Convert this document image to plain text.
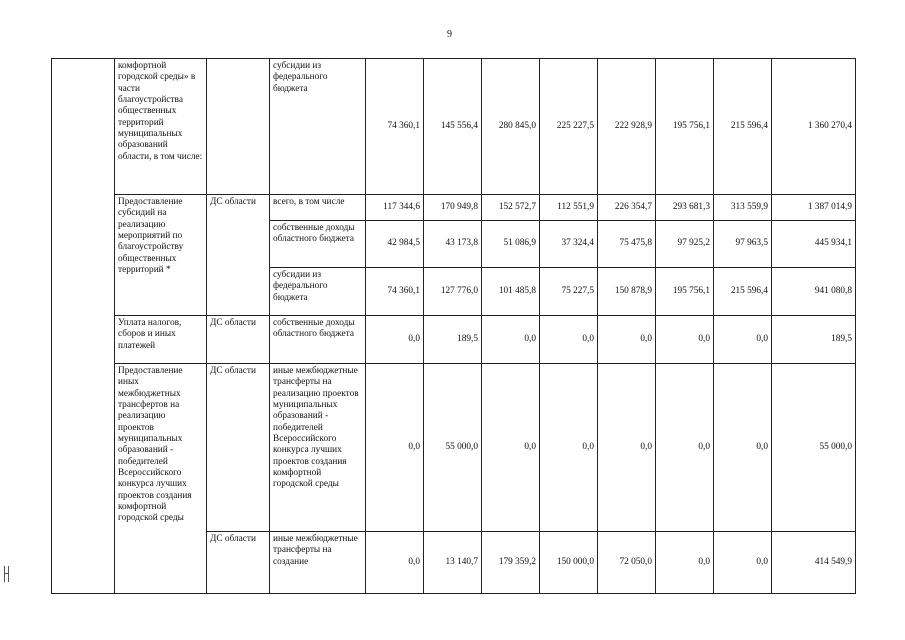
9
	комфортной городской среды» в части благоустройства общественных территорий муниципальных образований области, в том числе:		субсидии из федерального бюджета	74 360,1	145 556,4	280 845,0	225 227,5	222 928,9	195 756,1	215 596,4	1 360 270,4
	Предоставление субсидий на реализацию мероприятий по благоустройству общественных территорий *	ДС области	всего, в том числе	117 344,6	170 949,8	152 572,7	112 551,9	226 354,7	293 681,3	313 559,9	1 387 014,9
			собственные доходы областного бюджета	42 984,5	43 173,8	51 086,9	37 324,4	75 475,8	97 925,2	97 963,5	445 934,1
			субсидии из федерального бюджета	74 360,1	127 776,0	101 485,8	75 227,5	150 878,9	195 756,1	215 596,4	941 080,8
	Уплата налогов, сборов и иных платежей	ДС области	собственные доходы областного бюджета	0,0	189,5	0,0	0,0	0,0	0,0	0,0	189,5
	Предоставление иных межбюджетных трансфертов на реализацию проектов муниципальных образований - победителей Всероссийского конкурса лучших проектов создания комфортной городской среды	ДС области	иные межбюджетные трансферты на реализацию проектов муниципальных образований - победителей Всероссийского конкурса лучших проектов создания комфортной городской среды	0,0	55 000,0	0,0	0,0	0,0	0,0	0,0	55 000,0
		ДС области	иные межбюджетные трансферты на создание	0,0	13 140,7	179 359,2	150 000,0	72 050,0	0,0	0,0	414 549,9
